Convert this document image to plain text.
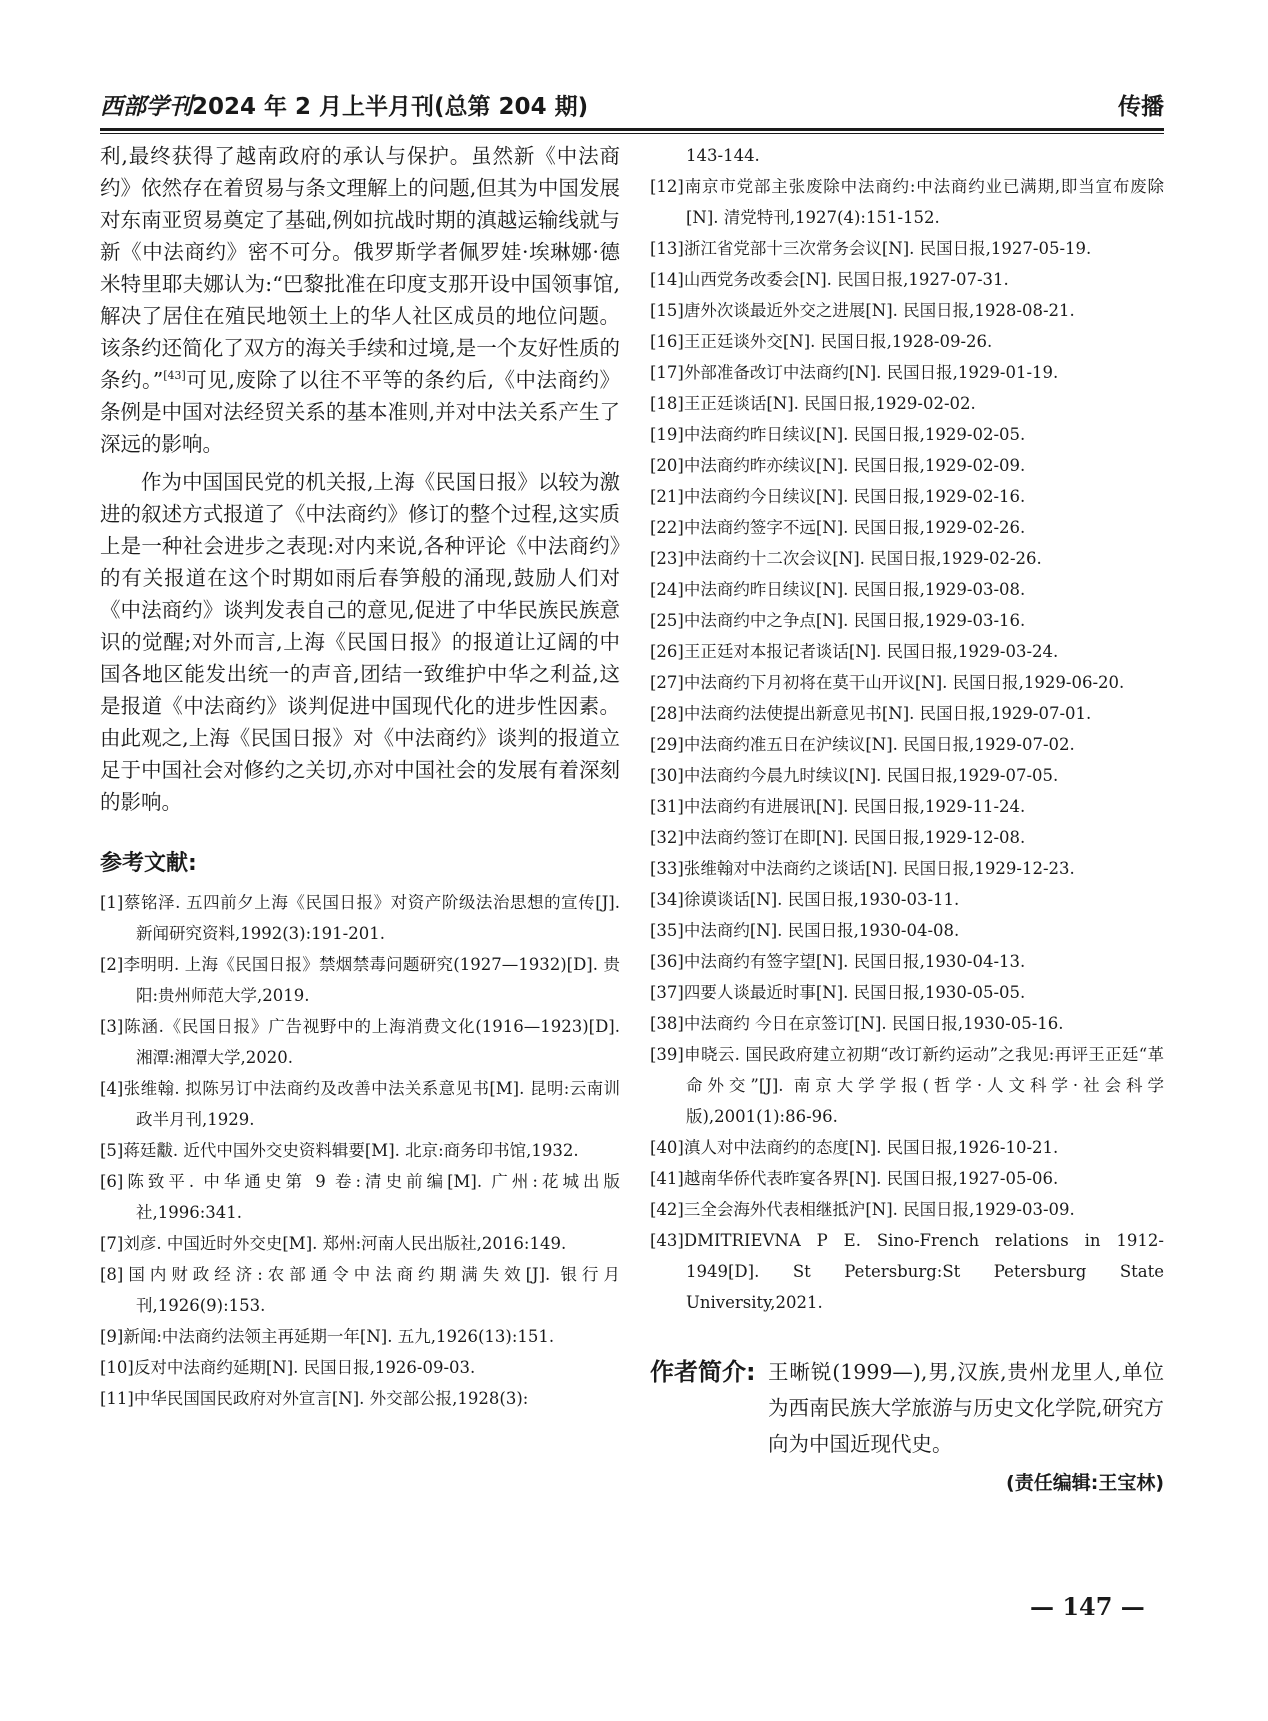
西部学刊2024 年 2 月上半月刊(总第 204 期)	传播

利,最终获得了越南政府的承认与保护。虽然新《中法商约》依然存在着贸易与条文理解上的问题,但其为中国发展对东南亚贸易奠定了基础,例如抗战时期的滇越运输线就与新《中法商约》密不可分。俄罗斯学者佩罗娃·埃琳娜·德米特里耶夫娜认为:“巴黎批准在印度支那开设中国领事馆,解决了居住在殖民地领土上的华人社区成员的地位问题。该条约还简化了双方的海关手续和过境,是一个友好性质的条约。”[43]可见,废除了以往不平等的条约后,《中法商约》条例是中国对法经贸关系的基本准则,并对中法关系产生了深远的影响。

作为中国国民党的机关报,上海《民国日报》以较为激进的叙述方式报道了《中法商约》修订的整个过程,这实质上是一种社会进步之表现:对内来说,各种评论《中法商约》的有关报道在这个时期如雨后春笋般的涌现,鼓励人们对《中法商约》谈判发表自己的意见,促进了中华民族民族意识的觉醒;对外而言,上海《民国日报》的报道让辽阔的中国各地区能发出统一的声音,团结一致维护中华之利益,这是报道《中法商约》谈判促进中国现代化的进步性因素。由此观之,上海《民国日报》对《中法商约》谈判的报道立足于中国社会对修约之关切,亦对中国社会的发展有着深刻的影响。

参考文献:

[1]蔡铭泽. 五四前夕上海《民国日报》对资产阶级法治思想的宣传[J]. 新闻研究资料,1992(3):191-201.

[2]李明明. 上海《民国日报》禁烟禁毒问题研究(1927—1932)[D]. 贵阳:贵州师范大学,2019.

[3]陈涵.《民国日报》广告视野中的上海消费文化(1916—1923)[D]. 湘潭:湘潭大学,2020.

[4]张维翰. 拟陈另订中法商约及改善中法关系意见书[M]. 昆明:云南训政半月刊,1929.

[5]蒋廷黻. 近代中国外交史资料辑要[M]. 北京:商务印书馆,1932.

[6]陈致平. 中华通史第 9 卷:清史前编[M]. 广州:花城出版社,1996:341.

[7]刘彦. 中国近时外交史[M]. 郑州:河南人民出版社,2016:149.

[8]国内财政经济:农部通令中法商约期满失效[J]. 银行月刊,1926(9):153.

[9]新闻:中法商约法领主再延期一年[N]. 五九,1926(13):151.

[10]反对中法商约延期[N]. 民国日报,1926-09-03.

[11]中华民国国民政府对外宣言[N]. 外交部公报,1928(3):

143-144.

[12]南京市党部主张废除中法商约:中法商约业已满期,即当宣布废除[N]. 清党特刊,1927(4):151-152.

[13]浙江省党部十三次常务会议[N]. 民国日报,1927-05-19.

[14]山西党务改委会[N]. 民国日报,1927-07-31.

[15]唐外次谈最近外交之进展[N]. 民国日报,1928-08-21.

[16]王正廷谈外交[N]. 民国日报,1928-09-26.

[17]外部准备改订中法商约[N]. 民国日报,1929-01-19.

[18]王正廷谈话[N]. 民国日报,1929-02-02.

[19]中法商约昨日续议[N]. 民国日报,1929-02-05.

[20]中法商约昨亦续议[N]. 民国日报,1929-02-09.

[21]中法商约今日续议[N]. 民国日报,1929-02-16.

[22]中法商约签字不远[N]. 民国日报,1929-02-26.

[23]中法商约十二次会议[N]. 民国日报,1929-02-26.

[24]中法商约昨日续议[N]. 民国日报,1929-03-08.

[25]中法商约中之争点[N]. 民国日报,1929-03-16.

[26]王正廷对本报记者谈话[N]. 民国日报,1929-03-24.

[27]中法商约下月初将在莫干山开议[N]. 民国日报,1929-06-20.

[28]中法商约法使提出新意见书[N]. 民国日报,1929-07-01.

[29]中法商约准五日在沪续议[N]. 民国日报,1929-07-02.

[30]中法商约今晨九时续议[N]. 民国日报,1929-07-05.

[31]中法商约有进展讯[N]. 民国日报,1929-11-24.

[32]中法商约签订在即[N]. 民国日报,1929-12-08.

[33]张维翰对中法商约之谈话[N]. 民国日报,1929-12-23.

[34]徐谟谈话[N]. 民国日报,1930-03-11.

[35]中法商约[N]. 民国日报,1930-04-08.

[36]中法商约有签字望[N]. 民国日报,1930-04-13.

[37]四要人谈最近时事[N]. 民国日报,1930-05-05.

[38]中法商约 今日在京签订[N]. 民国日报,1930-05-16.

[39]申晓云. 国民政府建立初期“改订新约运动”之我见:再评王正廷“革命外交”[J]. 南京大学学报(哲学·人文科学·社会科学版),2001(1):86-96.

[40]滇人对中法商约的态度[N]. 民国日报,1926-10-21.

[41]越南华侨代表昨宴各界[N]. 民国日报,1927-05-06.

[42]三全会海外代表相继抵沪[N]. 民国日报,1929-03-09.

[43]DMITRIEVNA P E. Sino-French relations in 1912-1949[D]. St Petersburg:St Petersburg State University,2021.

作者简介: 王晰锐(1999—),男,汉族,贵州龙里人,单位为西南民族大学旅游与历史文化学院,研究方向为中国近现代史。
(责任编辑:王宝林)
— 147 —
